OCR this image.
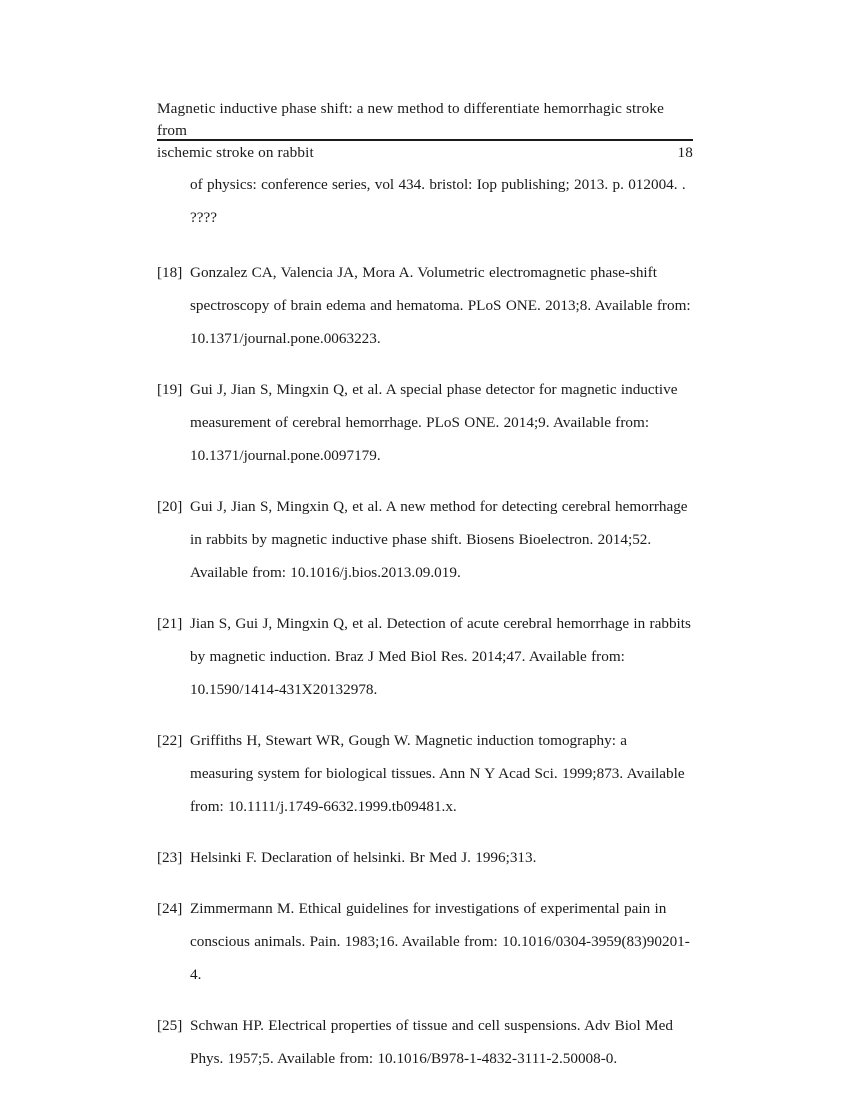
Magnetic inductive phase shift: a new method to differentiate hemorrhagic stroke from
ischemic stroke on rabbit	18
of physics: conference series, vol 434. bristol: Iop publishing; 2013. p. 012004. .
????
[18] Gonzalez CA, Valencia JA, Mora A. Volumetric electromagnetic phase-shift spectroscopy of brain edema and hematoma. PLoS ONE. 2013;8. Available from: 10.1371/journal.pone.0063223.
[19] Gui J, Jian S, Mingxin Q, et al. A special phase detector for magnetic inductive measurement of cerebral hemorrhage. PLoS ONE. 2014;9. Available from: 10.1371/journal.pone.0097179.
[20] Gui J, Jian S, Mingxin Q, et al. A new method for detecting cerebral hemorrhage in rabbits by magnetic inductive phase shift. Biosens Bioelectron. 2014;52. Available from: 10.1016/j.bios.2013.09.019.
[21] Jian S, Gui J, Mingxin Q, et al. Detection of acute cerebral hemorrhage in rabbits by magnetic induction. Braz J Med Biol Res. 2014;47. Available from: 10.1590/1414-431X20132978.
[22] Griffiths H, Stewart WR, Gough W. Magnetic induction tomography: a measuring system for biological tissues. Ann N Y Acad Sci. 1999;873. Available from: 10.1111/j.1749-6632.1999.tb09481.x.
[23] Helsinki F. Declaration of helsinki. Br Med J. 1996;313.
[24] Zimmermann M. Ethical guidelines for investigations of experimental pain in conscious animals. Pain. 1983;16. Available from: 10.1016/0304-3959(83)90201-4.
[25] Schwan HP. Electrical properties of tissue and cell suspensions. Adv Biol Med Phys. 1957;5. Available from: 10.1016/B978-1-4832-3111-2.50008-0.
